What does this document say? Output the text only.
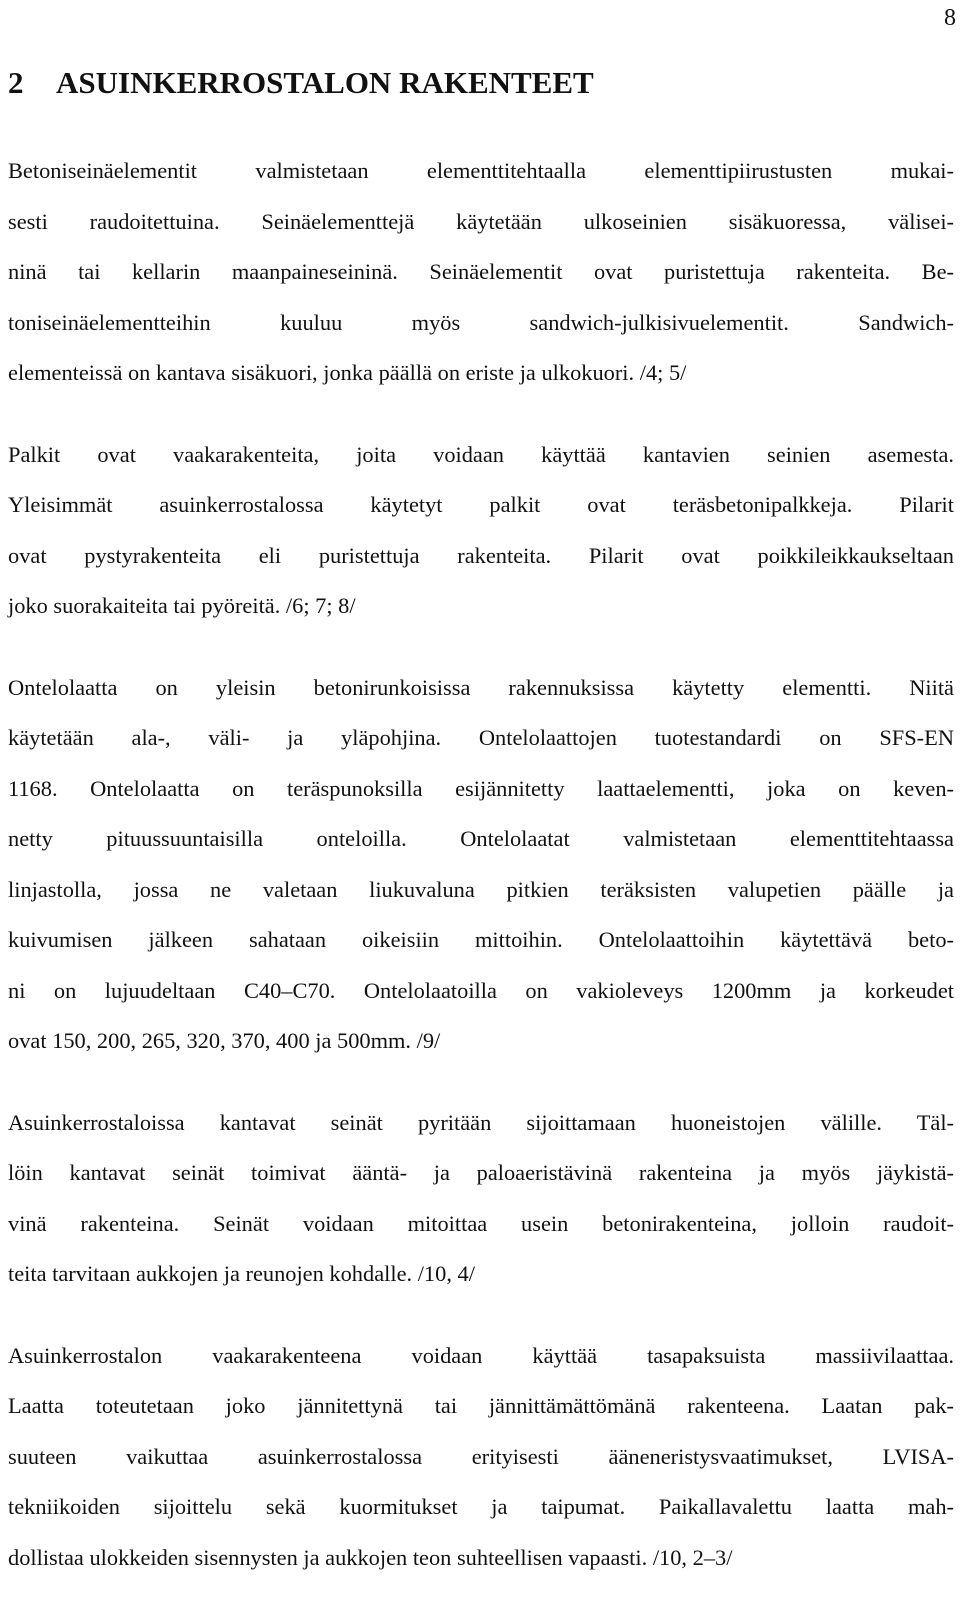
8
2 ASUINKERROSTALON RAKENTEET

Betoniseinäelementit valmistetaan elementtitehtaalla elementtipiirustusten mukai-
sesti raudoitettuina. Seinäelementtejä käytetään ulkoseinien sisäkuoressa, välisei-
ninä tai kellarin maanpaineseininä. Seinäelementit ovat puristettuja rakenteita. Be-
toniseinäelementteihin kuuluu myös sandwich-julkisivuelementit. Sandwich-
elementeissä on kantava sisäkuori, jonka päällä on eriste ja ulkokuori. /4; 5/

Palkit ovat vaakarakenteita, joita voidaan käyttää kantavien seinien asemesta.
Yleisimmät asuinkerrostalossa käytetyt palkit ovat teräsbetonipalkkeja. Pilarit
ovat pystyrakenteita eli puristettuja rakenteita. Pilarit ovat poikkileikkaukseltaan
joko suorakaiteita tai pyöreitä. /6; 7; 8/

Ontelolaatta on yleisin betonirunkoisissa rakennuksissa käytetty elementti. Niitä
käytetään ala-, väli- ja yläpohjina. Ontelolaattojen tuotestandardi on SFS-EN
1168. Ontelolaatta on teräspunoksilla esijännitetty laattaelementti, joka on keven-
netty pituussuuntaisilla onteloilla. Ontelolaatat valmistetaan elementtitehtaassa
linjastolla, jossa ne valetaan liukuvaluna pitkien teräksisten valupetien päälle ja
kuivumisen jälkeen sahataan oikeisiin mittoihin. Ontelolaattoihin käytettävä beto-
ni on lujuudeltaan C40–C70. Ontelolaatoilla on vakioleveys 1200mm ja korkeudet
ovat 150, 200, 265, 320, 370, 400 ja 500mm. /9/

Asuinkerrostaloissa kantavat seinät pyritään sijoittamaan huoneistojen välille. Täl-
löin kantavat seinät toimivat ääntä- ja paloaeristävinä rakenteina ja myös jäykistä-
vinä rakenteina. Seinät voidaan mitoittaa usein betonirakenteina, jolloin raudoit-
teita tarvitaan aukkojen ja reunojen kohdalle. /10, 4/

Asuinkerrostalon vaakarakenteena voidaan käyttää tasapaksuista massiivilaattaa.
Laatta toteutetaan joko jännitettynä tai jännittämättömänä rakenteena. Laatan pak-
suuteen vaikuttaa asuinkerrostalossa erityisesti ääneneristysvaatimukset, LVISA-
tekniikoiden sijoittelu sekä kuormitukset ja taipumat. Paikallavalettu laatta mah-
dollistaa ulokkeiden sisennysten ja aukkojen teon suhteellisen vapaasti. /10, 2–3/
